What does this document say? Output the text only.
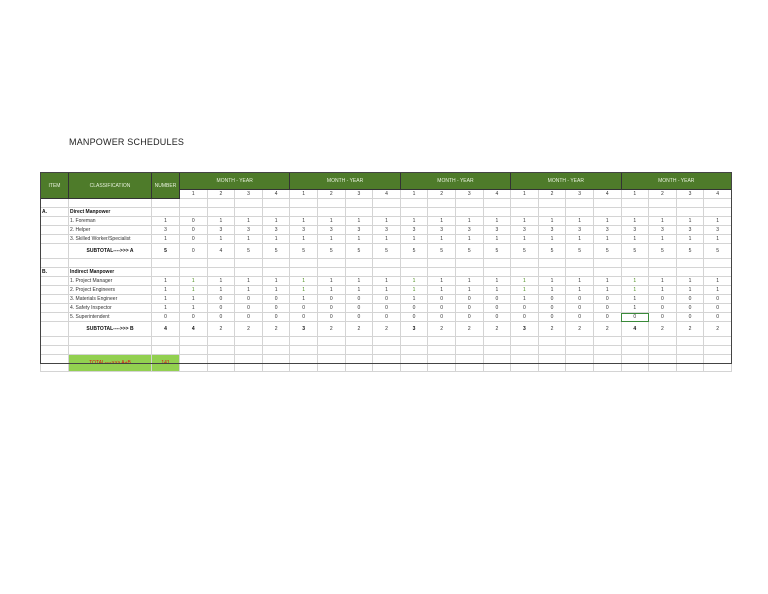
MANPOWER SCHEDULES
ITEM	CLASSIFICATION	NUMBER	MONTH - YEAR				MONTH - YEAR				MONTH - YEAR				MONTH - YEAR				MONTH - YEAR			
			1	2	3	4	1	2	3	4	1	2	3	4	1	2	3	4	1	2	3	4

A.	Direct Manpower																					
	1. Foreman	1	0	1	1	1	1	1	1	1	1	1	1	1	1	1	1	1	1	1	1	1
	2. Helper	3	0	3	3	3	3	3	3	3	3	3	3	3	3	3	3	3	3	3	3	3
	3. Skilled Worker/Specialist	1	0	1	1	1	1	1	1	1	1	1	1	1	1	1	1	1	1	1	1	1
	SUBTOTAL---->>> A	5	0	4	5	5	5	5	5	5	5	5	5	5	5	5	5	5	5	5	5	5

B.	Indirect Manpower																					
	1. Project Manager	1	1	1	1	1	1	1	1	1	1	1	1	1	1	1	1	1	1	1	1	1
	2. Project Engineers	1	1	1	1	1	1	1	1	1	1	1	1	1	1	1	1	1	1	1	1	1
	3. Materials Engineer	1	1	0	0	0	1	0	0	0	1	0	0	0	1	0	0	0	1	0	0	0
	4. Safety Inspector	1	1	0	0	0	0	0	0	0	0	0	0	0	0	0	0	0	1	0	0	0
	5. Superintendent	0	0	0	0	0	0	0	0	0	0	0	0	0	0	0	0	0	0	0	0	0
	SUBTOTAL---->>> B	4	4	2	2	2	3	2	2	2	3	2	2	2	3	2	2	2	4	2	2	2

	TOTAL---->>> A+B	141																				
